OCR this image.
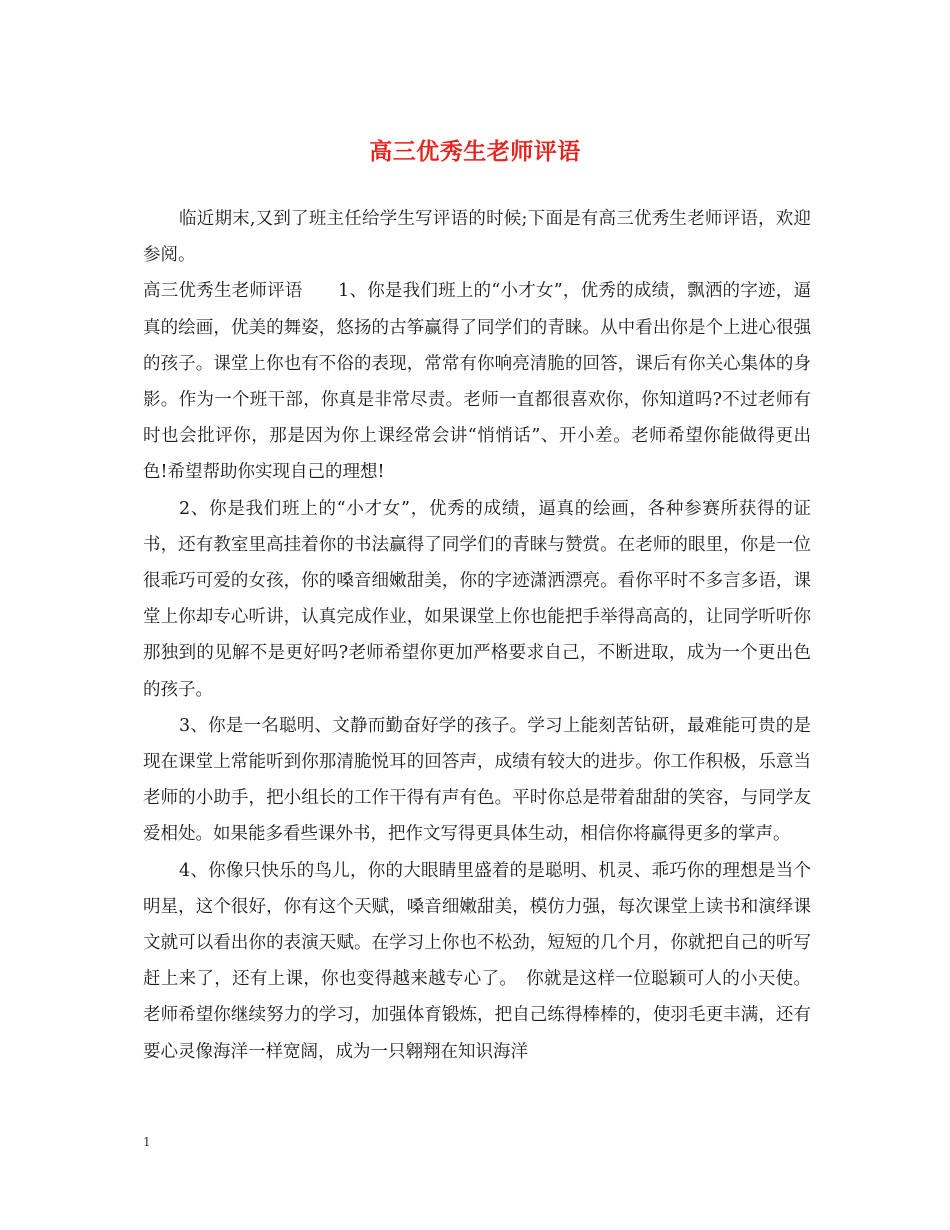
高三优秀生老师评语

临近期末,又到了班主任给学生写评语的时候;下面是有高三优秀生老师评语，欢迎参阅。

高三优秀生老师评语　　1、你是我们班上的“小才女”，优秀的成绩，飘洒的字迹，逼真的绘画，优美的舞姿，悠扬的古筝赢得了同学们的青睐。从中看出你是个上进心很强的孩子。课堂上你也有不俗的表现，常常有你响亮清脆的回答，课后有你关心集体的身影。作为一个班干部，你真是非常尽责。老师一直都很喜欢你，你知道吗?不过老师有时也会批评你，那是因为你上课经常会讲“悄悄话”、开小差。老师希望你能做得更出色!希望帮助你实现自己的理想!

2、你是我们班上的“小才女”，优秀的成绩，逼真的绘画，各种参赛所获得的证书，还有教室里高挂着你的书法赢得了同学们的青睐与赞赏。在老师的眼里，你是一位很乖巧可爱的女孩，你的嗓音细嫩甜美，你的字迹潇洒漂亮。看你平时不多言多语，课堂上你却专心听讲，认真完成作业，如果课堂上你也能把手举得高高的，让同学听听你那独到的见解不是更好吗?老师希望你更加严格要求自己，不断进取，成为一个更出色的孩子。

3、你是一名聪明、文静而勤奋好学的孩子。学习上能刻苦钻研，最难能可贵的是现在课堂上常能听到你那清脆悦耳的回答声，成绩有较大的进步。你工作积极，乐意当老师的小助手，把小组长的工作干得有声有色。平时你总是带着甜甜的笑容，与同学友爱相处。如果能多看些课外书，把作文写得更具体生动，相信你将赢得更多的掌声。

4、你像只快乐的鸟儿，你的大眼睛里盛着的是聪明、机灵、乖巧你的理想是当个明星，这个很好，你有这个天赋，嗓音细嫩甜美，模仿力强，每次课堂上读书和演绎课文就可以看出你的表演天赋。在学习上你也不松劲，短短的几个月，你就把自己的听写赶上来了，还有上课，你也变得越来越专心了。　你就是这样一位聪颖可人的小天使。老师希望你继续努力的学习，加强体育锻炼，把自己练得棒棒的，使羽毛更丰满，还有要心灵像海洋一样宽阔，成为一只翱翔在知识海洋

1
